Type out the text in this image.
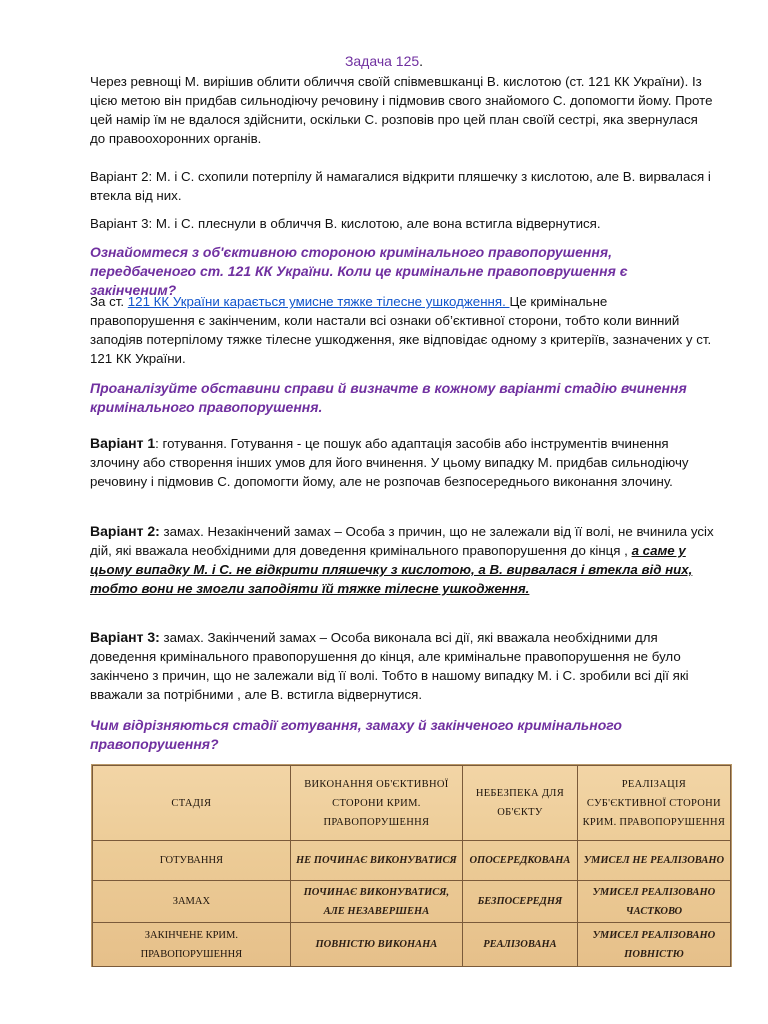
Задача 125.

Через ревнощі М. вирішив облити обличчя своїй співмевшканці В. кислотою (ст. 121 КК України). Із цією метою він придбав сильнодіючу речовину і підмовив свого знайомого С. допомогти йому. Проте цей намір їм не вдалося здійснити, оскільки С. розповів про цей план своїй сестрі, яка звернулася до правоохоронних органів.

Варіант 2: М. і С. схопили потерпілу й намагалися відкрити пляшечку з кислотою, але В. вирвалася і втекла від них.

Варіант 3: М. і С. плеснули в обличчя В. кислотою, але вона встигла відвернутися.

Ознайомтеся з об'єктивною стороною кримінального правопорушення, передбаченого ст. 121 КК України. Коли це кримінальне правоповрушення є закінченим?

За ст. 121 КК України карається умисне тяжке тілесне ушкодження. Це кримінальне правопорушення є закінченим, коли настали всі ознаки об’єктивної сторони, тобто коли винний заподіяв потерпілому тяжке тілесне ушкодження, яке відповідає одному з критеріїв, зазначених у ст. 121 КК України.

Проаналізуйте обставини справи й визначте в кожному варіанті стадію вчинення кримінального правопорушення.

Варіант 1: готування. Готування - це пошук або адаптація засобів або інструментів вчинення злочину або створення інших умов для його вчинення. У цьому випадку М. придбав сильнодіючу речовину і підмовив С. допомогти йому, але не розпочав безпосереднього виконання злочину.

Варіант 2: замах. Незакінчений замах – Особа з причин, що не залежали від її волі, не вчинила усіх дій, які вважала необхідними для доведення кримінального правопорушення до кінця , а саме у цьому випадку М. і С. не відкрити пляшечку з кислотою, а В. вирвалася і втекла від них, тобто вони не змогли заподіяти їй тяжке тілесне ушкодження.

Варіант 3: замах. Закінчений замах – Особа виконала всі дії, які вважала необхідними для доведення кримінального правопорушення до кінця, але кримінальне правопорушення не було закінчено з причин, що не залежали від її волі. Тобто в нашому випадку М. і С. зробили всі дії які вважали за потрібними , але В. встигла відвернутися.

Чим відрізняються стадії готування, замаху й закінченого кримінального правопорушення?

СТАДІЯ	ВИКОНАННЯ ОБ'ЄКТИВНОЇ СТОРОНИ КРИМ. ПРАВОПОРУШЕННЯ	НЕБЕЗПЕКА ДЛЯ ОБ'ЄКТУ	РЕАЛІЗАЦІЯ СУБ'ЄКТИВНОЇ СТОРОНИ КРИМ. ПРАВОПОРУШЕННЯ
ГОТУВАННЯ	НЕ ПОЧИНАЄ ВИКОНУВАТИСЯ	ОПОСЕРЕДКОВАНА	УМИСЕЛ НЕ РЕАЛІЗОВАНО
ЗАМАХ	ПОЧИНАЄ ВИКОНУВАТИСЯ, АЛЕ НЕЗАВЕРШЕНА	БЕЗПОСЕРЕДНЯ	УМИСЕЛ РЕАЛІЗОВАНО ЧАСТКОВО
ЗАКІНЧЕНЕ КРИМ. ПРАВОПОРУШЕННЯ	ПОВНІСТЮ ВИКОНАНА	РЕАЛІЗОВАНА	УМИСЕЛ РЕАЛІЗОВАНО ПОВНІСТЮ
